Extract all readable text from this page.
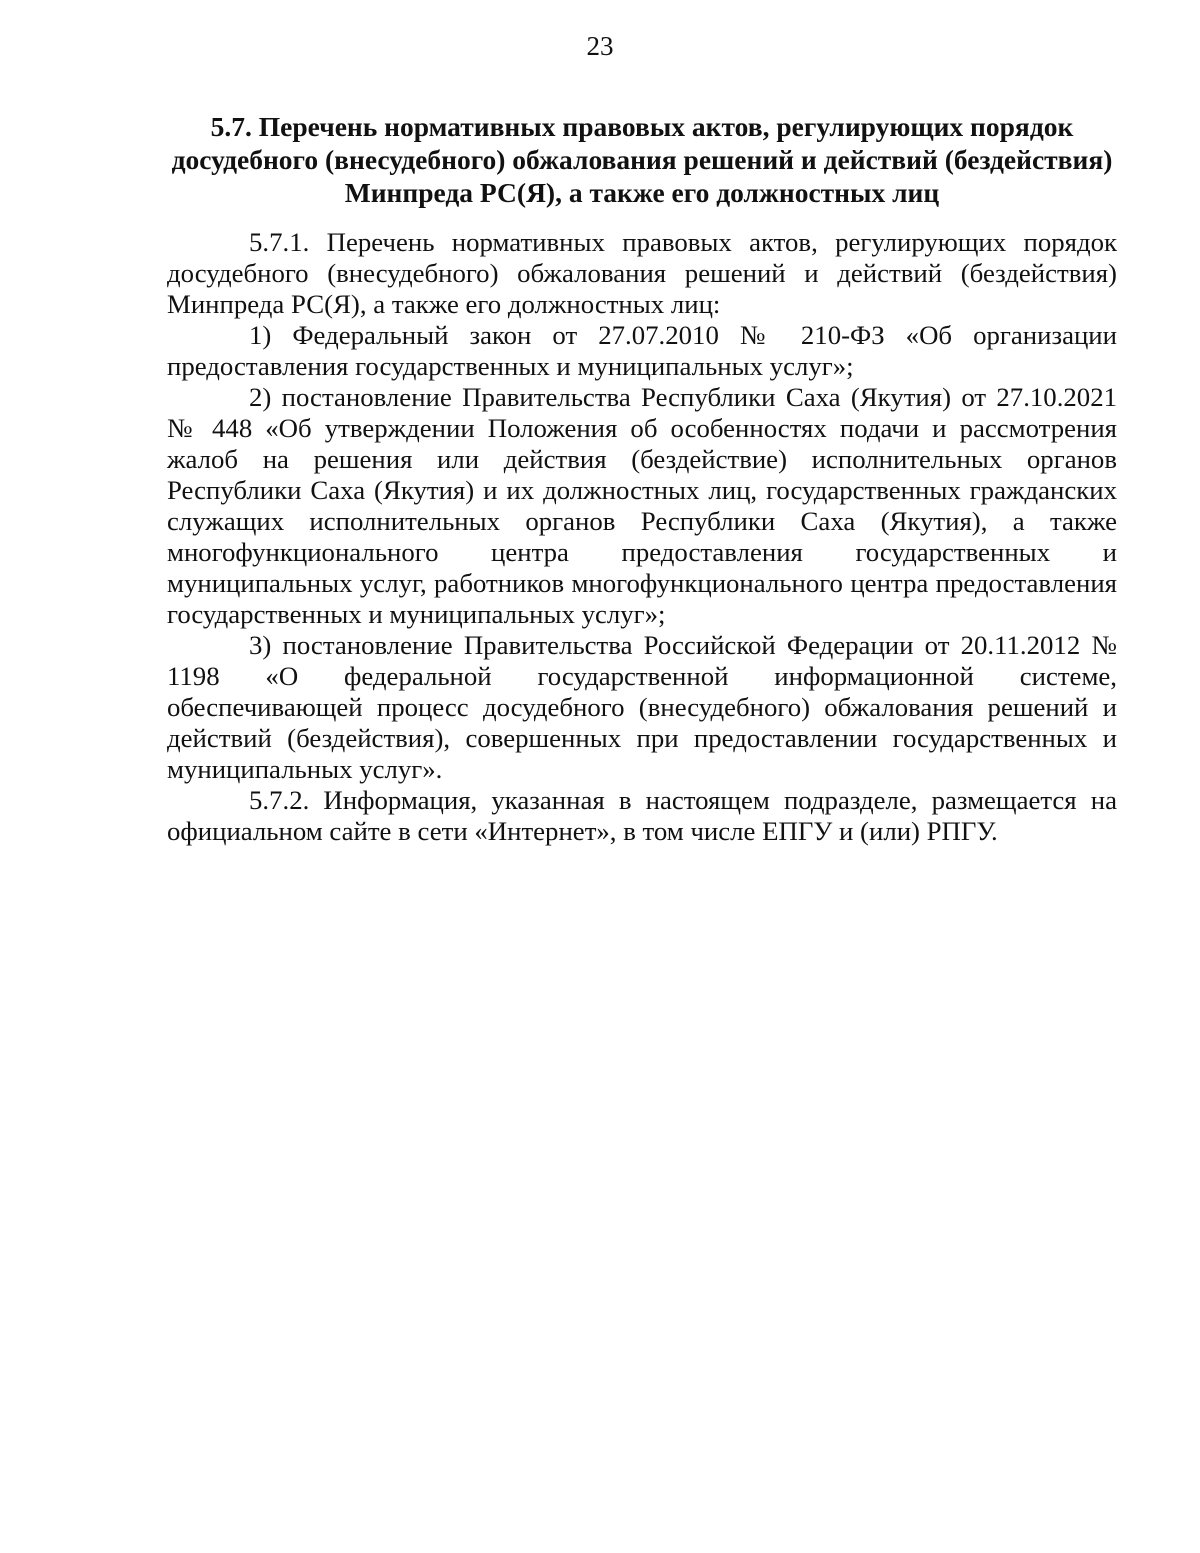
23
5.7. Перечень нормативных правовых актов, регулирующих порядок
досудебного (внесудебного) обжалования решений и действий (бездействия)
Минпреда РС(Я), а также его должностных лиц

5.7.1. Перечень нормативных правовых актов, регулирующих порядок досудебного (внесудебного) обжалования решений и действий (бездействия) Минпреда РС(Я), а также его должностных лиц:

1) Федеральный закон от 27.07.2010 № 210-ФЗ «Об организации предоставления государственных и муниципальных услуг»;

2) постановление Правительства Республики Саха (Якутия) от 27.10.2021 № 448 «Об утверждении Положения об особенностях подачи и рассмотрения жалоб на решения или действия (бездействие) исполнительных органов Республики Саха (Якутия) и их должностных лиц, государственных гражданских служащих исполнительных органов Республики Саха (Якутия), а также многофункционального центра предоставления государственных и муниципальных услуг, работников многофункционального центра предоставления государственных и муниципальных услуг»;

3) постановление Правительства Российской Федерации от 20.11.2012 № 1198 «О федеральной государственной информационной системе, обеспечивающей процесс досудебного (внесудебного) обжалования решений и действий (бездействия), совершенных при предоставлении государственных и муниципальных услуг».

5.7.2. Информация, указанная в настоящем подразделе, размещается на официальном сайте в сети «Интернет», в том числе ЕПГУ и (или) РПГУ.
